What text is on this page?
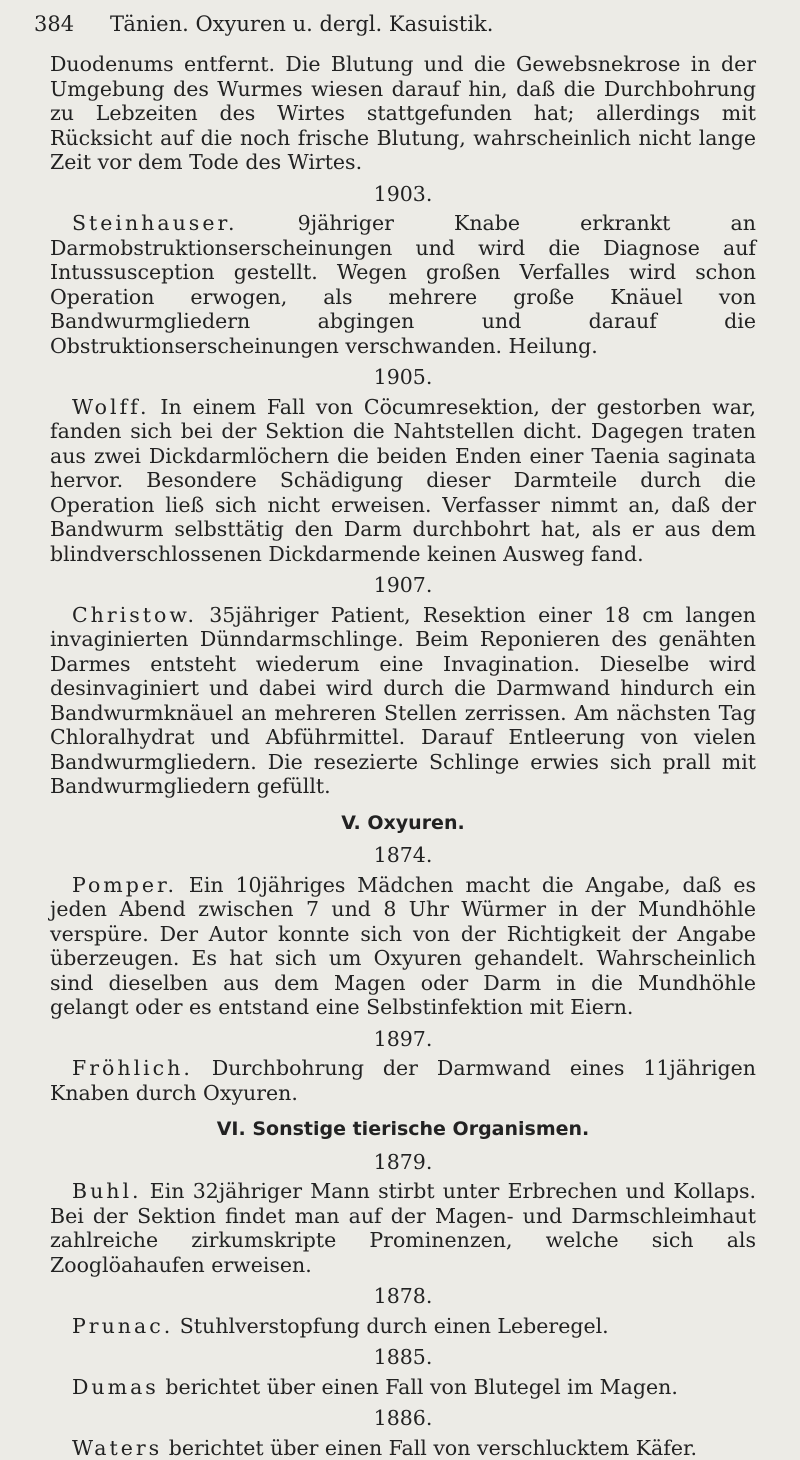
384	Tänien. Oxyuren u. dergl. Kasuistik.

Duodenums entfernt. Die Blutung und die Gewebsnekrose in der Umgebung des Wurmes wiesen darauf hin, daß die Durchbohrung zu Lebzeiten des Wirtes stattgefunden hat; allerdings mit Rücksicht auf die noch frische Blutung, wahrscheinlich nicht lange Zeit vor dem Tode des Wirtes.

1903.

Steinhauser.	9jähriger Knabe erkrankt an Darmobstruktionserscheinungen und wird die Diagnose auf Intussusception gestellt. Wegen großen Verfalles wird schon Operation erwogen, als mehrere große Knäuel von Bandwurmgliedern abgingen und darauf die Obstruktionserscheinungen verschwanden. Heilung.

1905.

Wolff. In einem Fall von Cöcumresektion, der gestorben war, fanden sich bei der Sektion die Nahtstellen dicht. Dagegen traten aus zwei Dickdarmlöchern die beiden Enden einer Taenia saginata hervor. Besondere Schädigung dieser Darmteile durch die Operation ließ sich nicht erweisen. Verfasser nimmt an, daß der Bandwurm selbsttätig den Darm durchbohrt hat, als er aus dem blindverschlossenen Dickdarmende keinen Ausweg fand.

1907.

Christow. 35jähriger Patient, Resektion einer 18 cm langen invaginierten Dünndarmschlinge. Beim Reponieren des genähten Darmes entsteht wiederum eine Invagination. Dieselbe wird desinvaginiert und dabei wird durch die Darmwand hindurch ein Bandwurmknäuel an mehreren Stellen zerrissen. Am nächsten Tag Chloralhydrat und Abführmittel. Darauf Entleerung von vielen Bandwurmgliedern. Die resezierte Schlinge erwies sich prall mit Bandwurmgliedern gefüllt.

V. Oxyuren.
1874.

Pomper. Ein 10jähriges Mädchen macht die Angabe, daß es jeden Abend zwischen 7 und 8 Uhr Würmer in der Mundhöhle verspüre. Der Autor konnte sich von der Richtigkeit der Angabe überzeugen. Es hat sich um Oxyuren gehandelt. Wahrscheinlich sind dieselben aus dem Magen oder Darm in die Mundhöhle gelangt oder es entstand eine Selbstinfektion mit Eiern.

1897.

Fröhlich. Durchbohrung der Darmwand eines 11jährigen Knaben durch Oxyuren.

VI. Sonstige tierische Organismen.
1879.

Buhl. Ein 32jähriger Mann stirbt unter Erbrechen und Kollaps. Bei der Sektion findet man auf der Magen- und Darmschleimhaut zahlreiche zirkumskripte Prominenzen, welche sich als Zooglöahaufen erweisen.

1878.

Prunac. Stuhlverstopfung durch einen Leberegel.

1885.

Dumas berichtet über einen Fall von Blutegel im Magen.

1886.

Waters berichtet über einen Fall von verschlucktem Käfer.
